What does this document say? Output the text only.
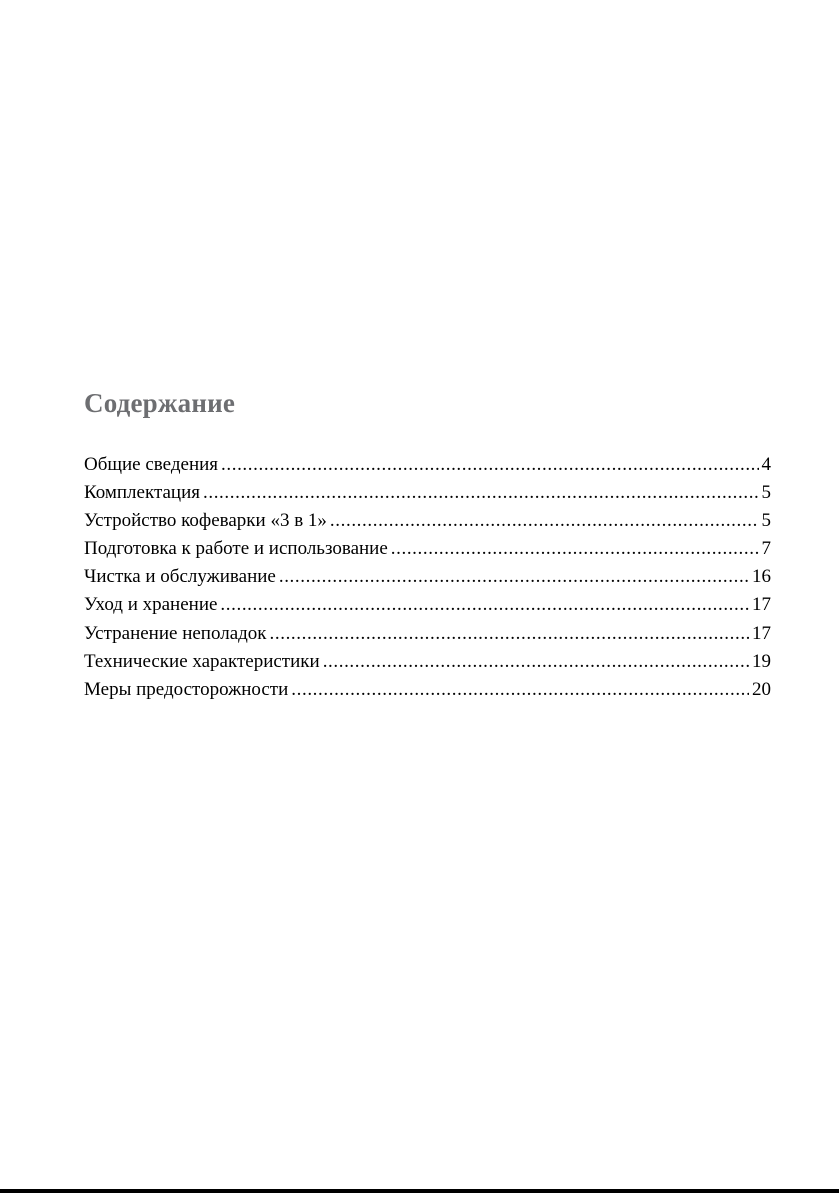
Содержание
Общие сведения .....	4
Комплектация .....	5
Устройство кофеварки «3 в 1» .....	5
Подготовка к работе и использование .....	7
Чистка и обслуживание .....	16
Уход и хранение .....	17
Устранение неполадок .....	17
Технические характеристики .....	19
Меры предосторожности .....	20
